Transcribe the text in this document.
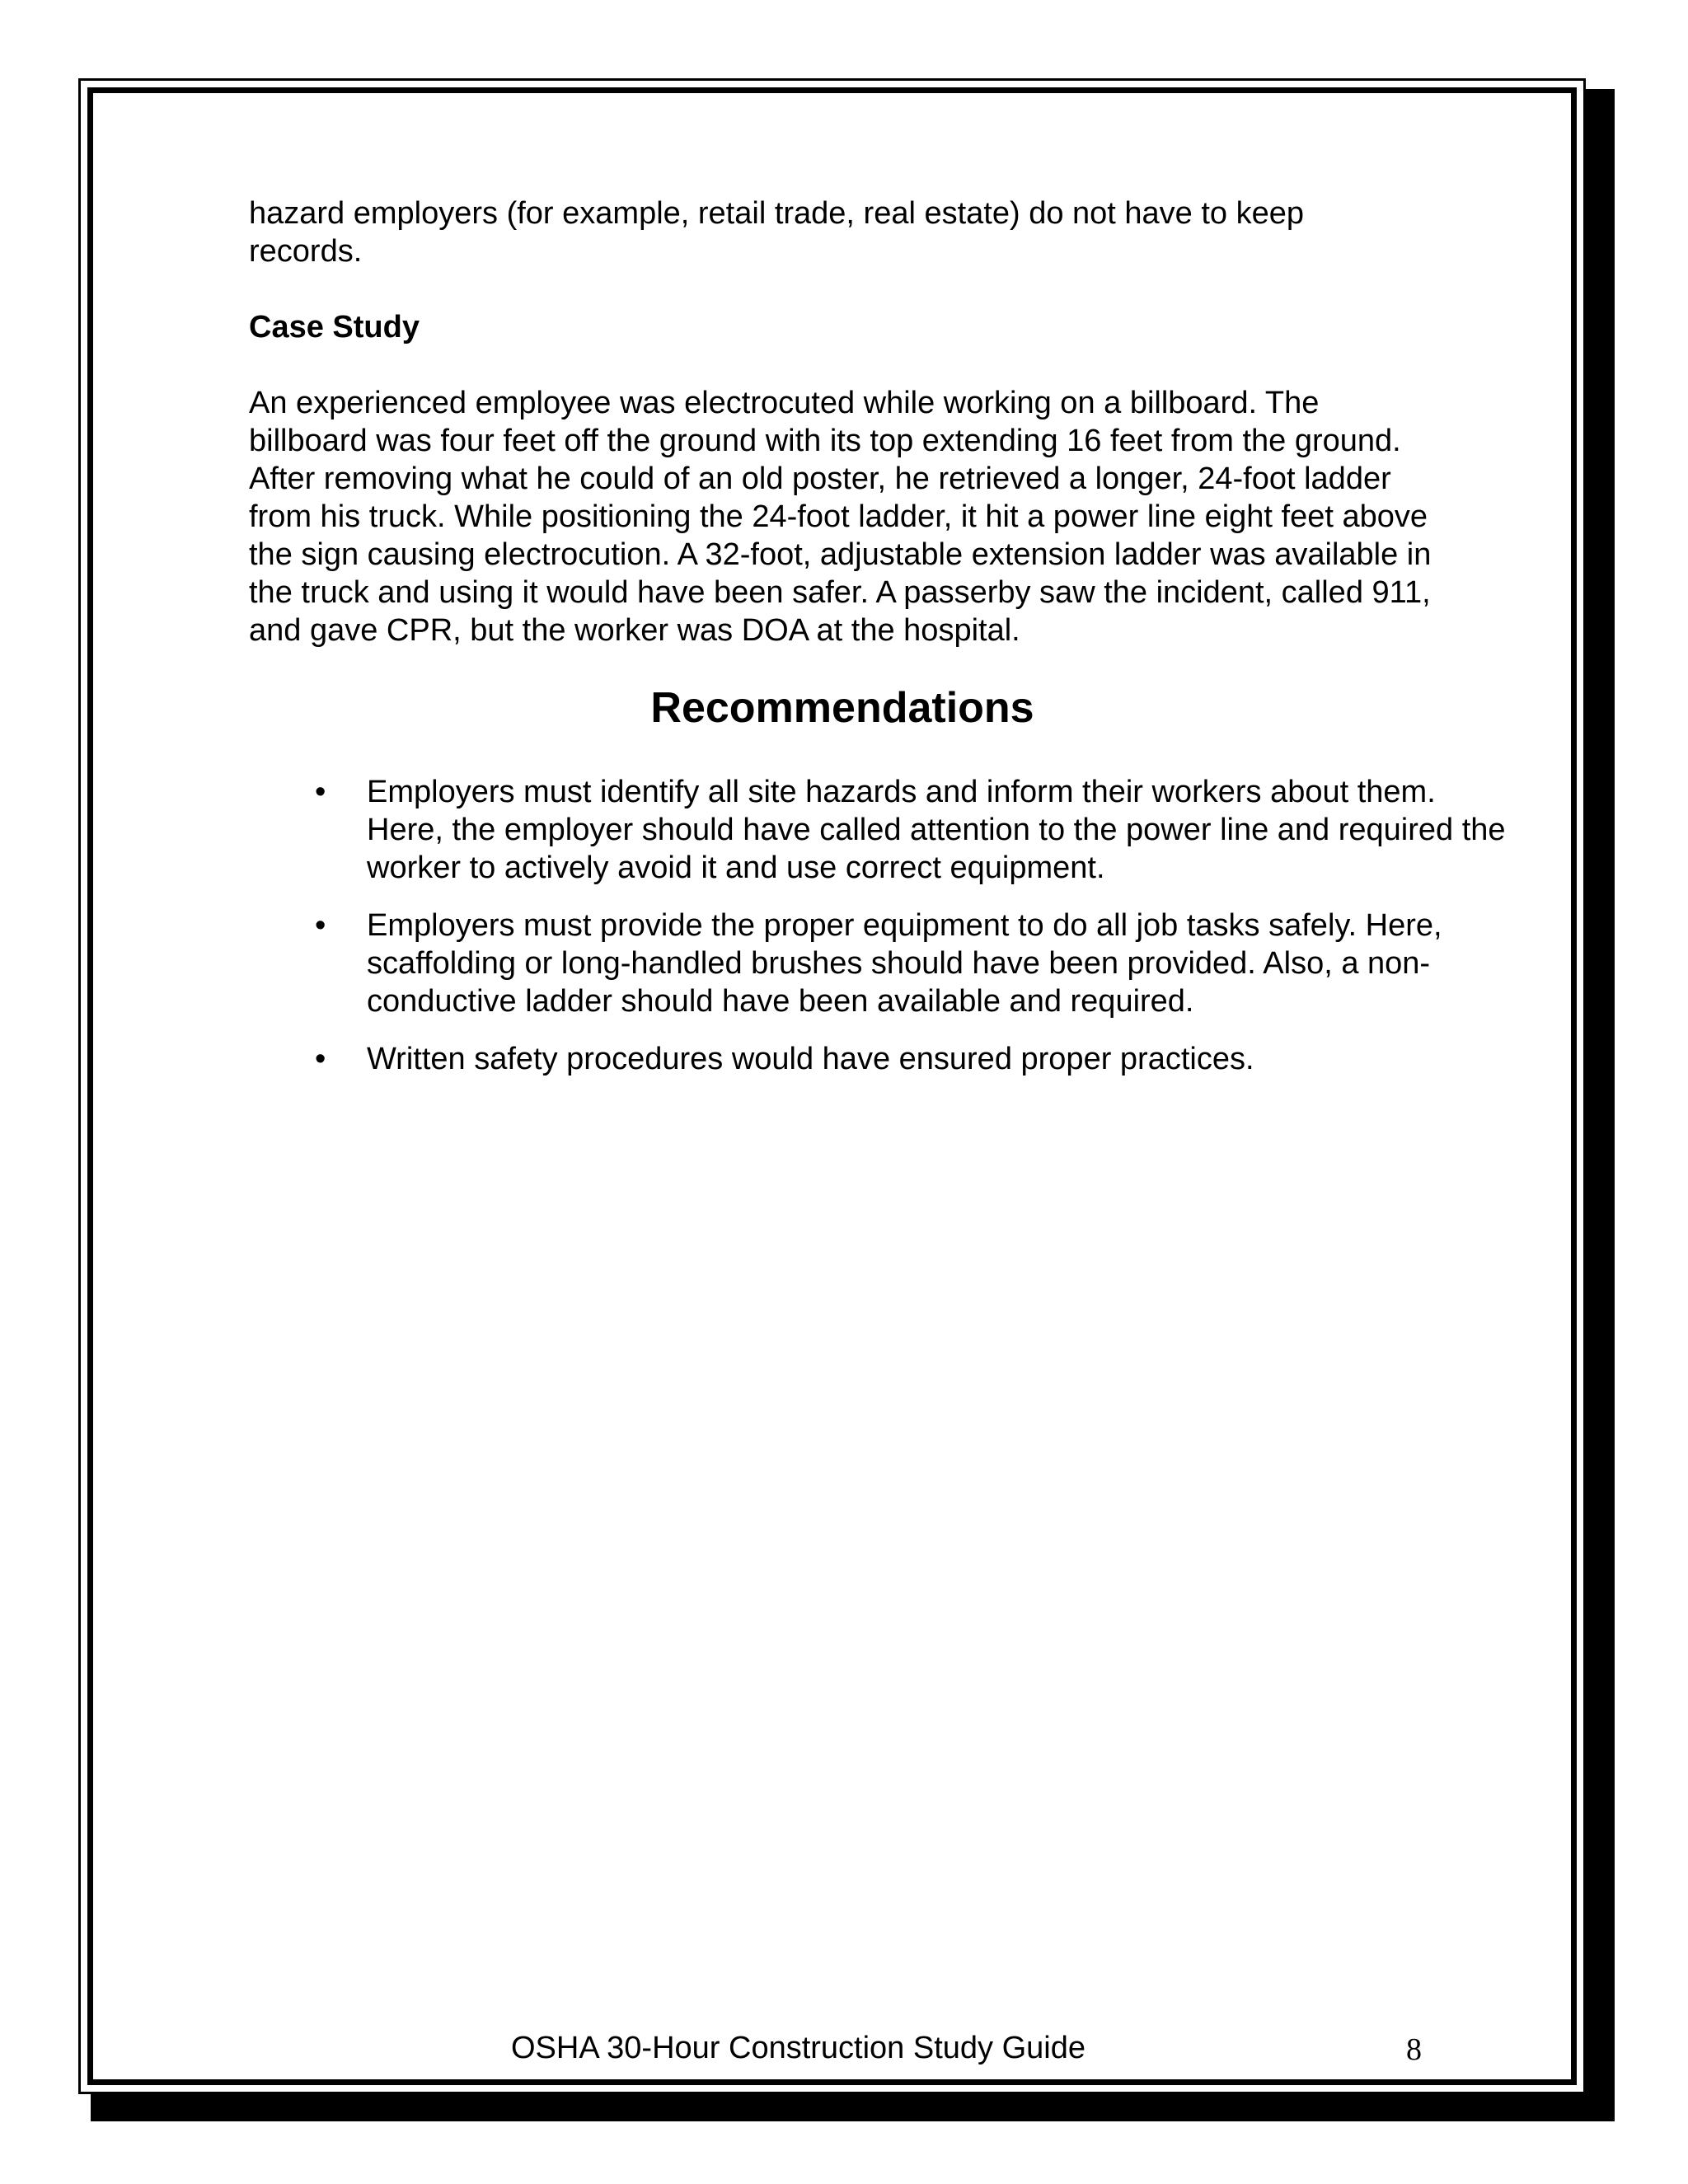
hazard employers (for example, retail trade, real estate) do not have to keep records.

Case Study

An experienced employee was electrocuted while working on a billboard. The billboard was four feet off the ground with its top extending 16 feet from the ground. After removing what he could of an old poster, he retrieved a longer, 24-foot ladder from his truck. While positioning the 24-foot ladder, it hit a power line eight feet above the sign causing electrocution. A 32-foot, adjustable extension ladder was available in the truck and using it would have been safer. A passerby saw the incident, called 911, and gave CPR, but the worker was DOA at the hospital.

Recommendations
• Employers must identify all site hazards and inform their workers about them. Here, the employer should have called attention to the power line and required the worker to actively avoid it and use correct equipment.
• Employers must provide the proper equipment to do all job tasks safely. Here, scaffolding or long-handled brushes should have been provided. Also, a non-conductive ladder should have been available and required.
• Written safety procedures would have ensured proper practices.
OSHA 30-Hour Construction Study Guide	8
